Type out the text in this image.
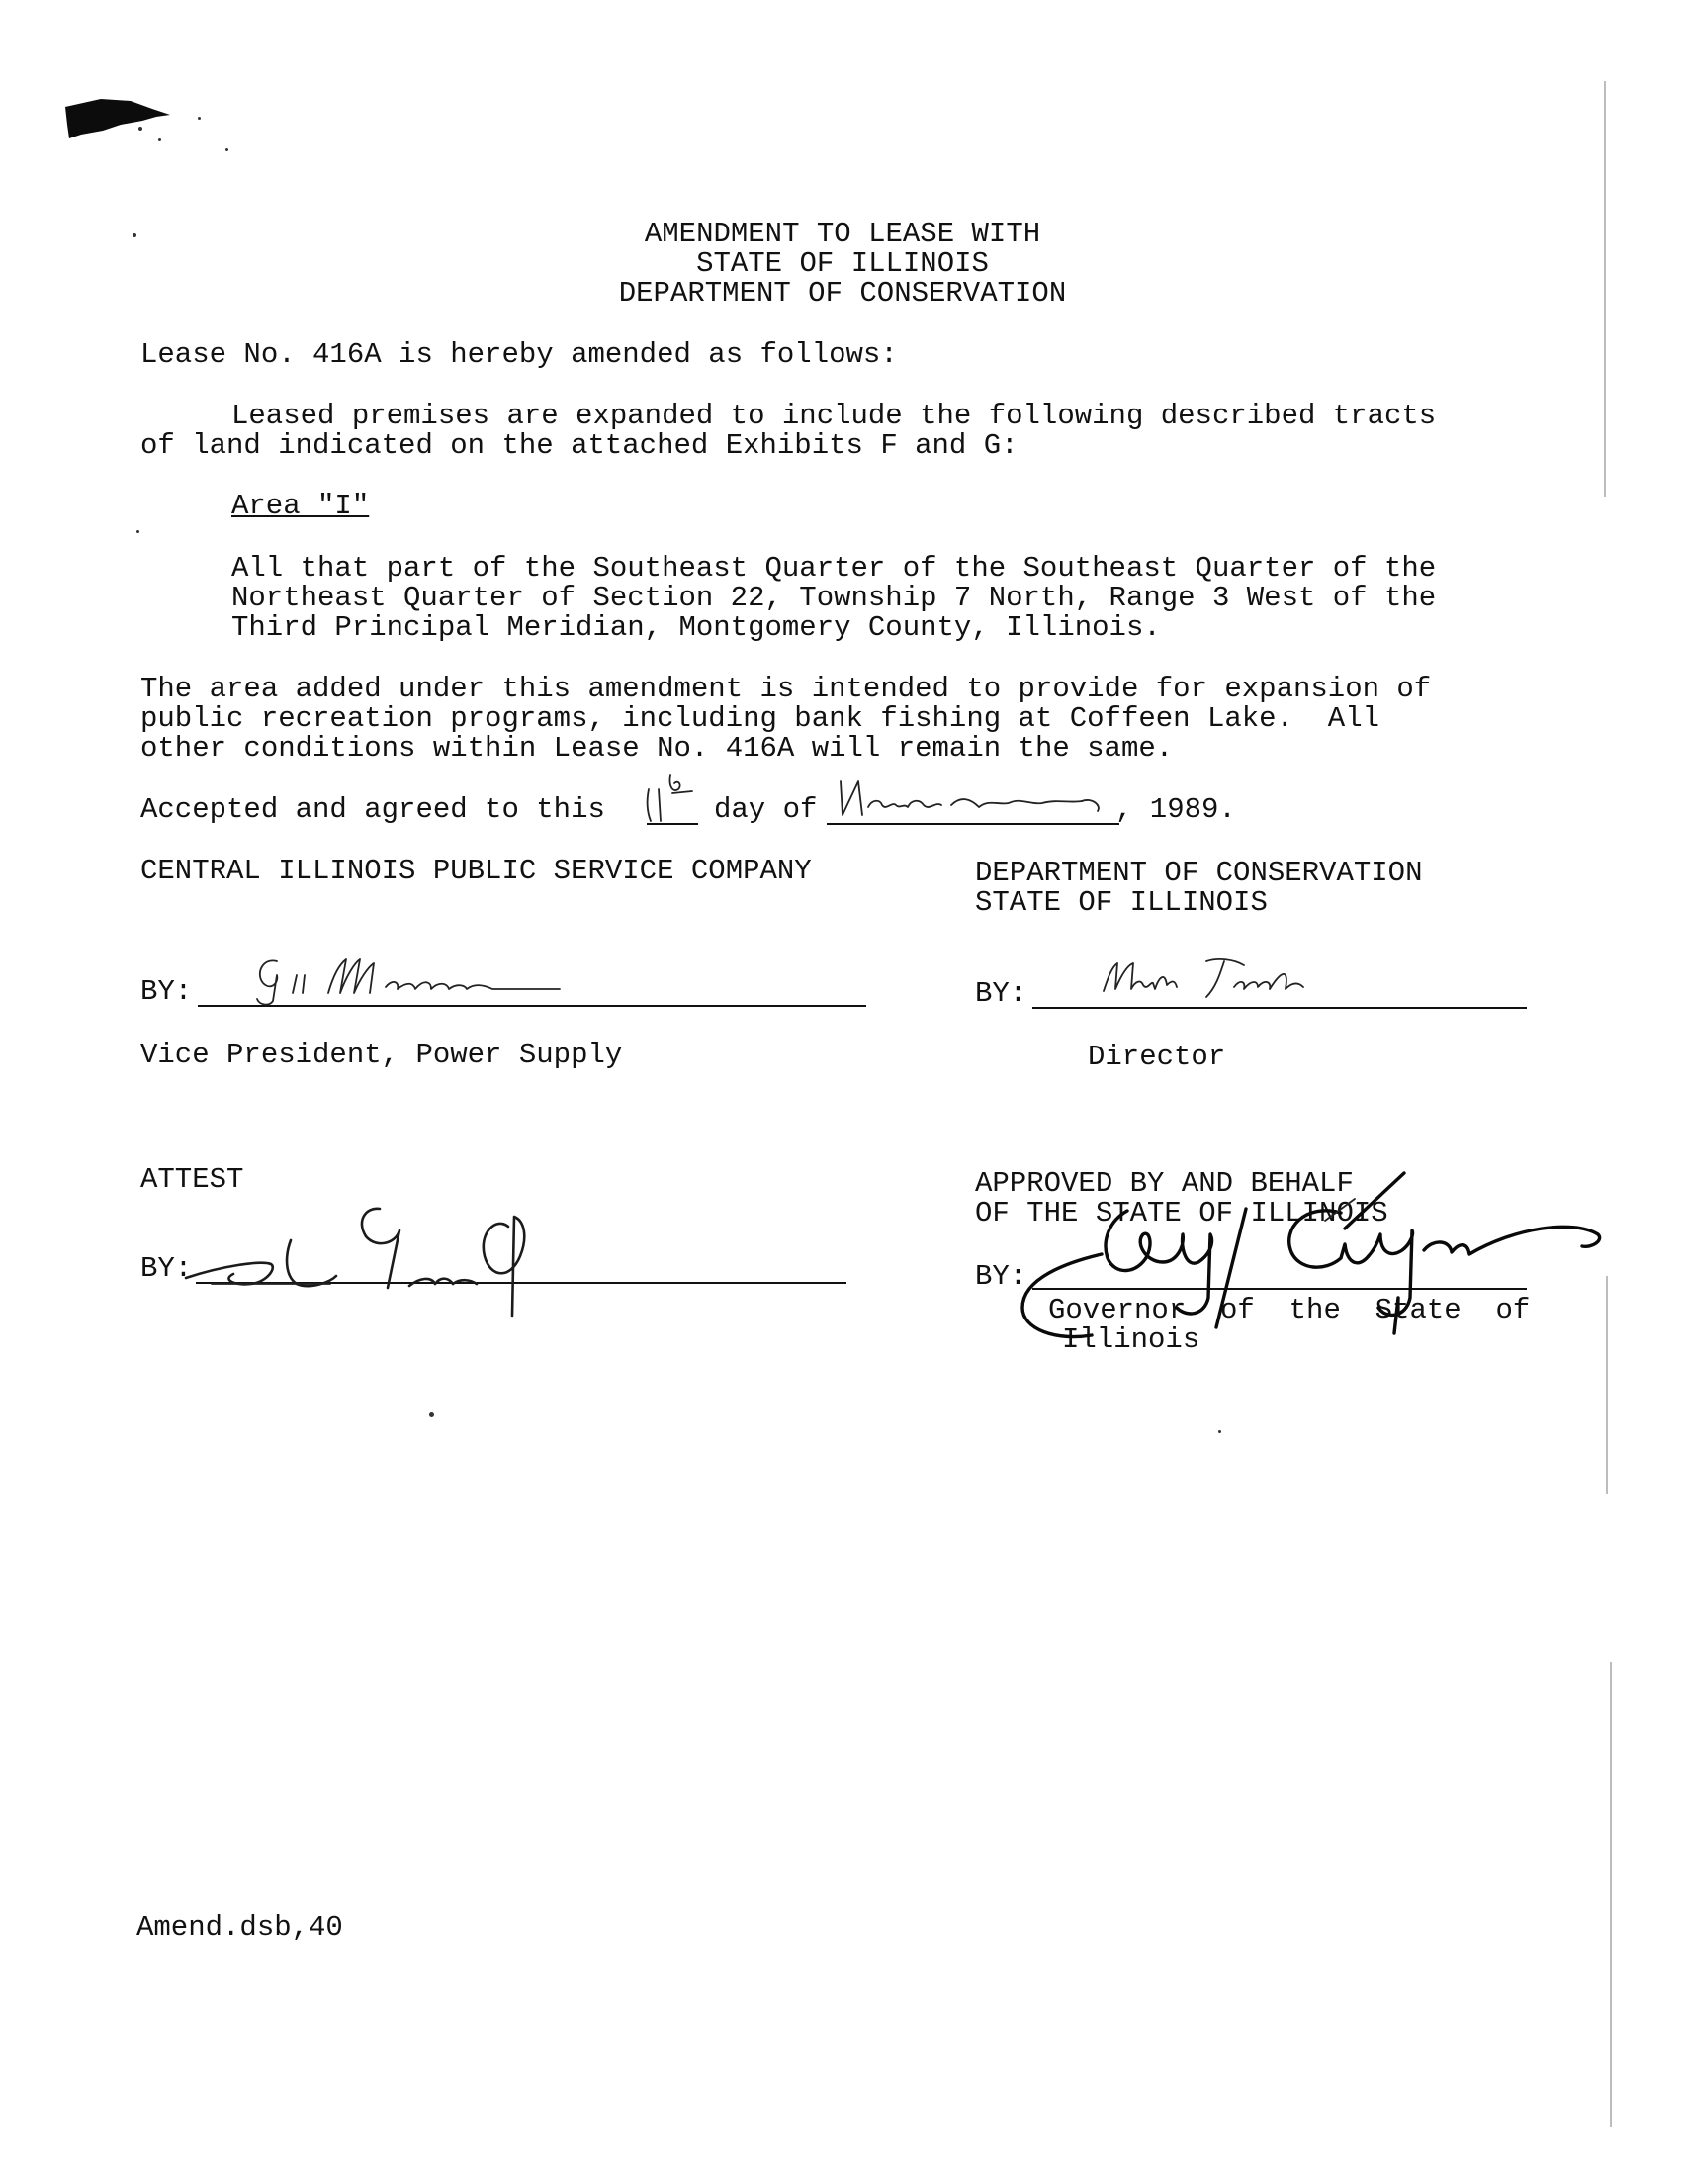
AMENDMENT TO LEASE WITH
STATE OF ILLINOIS
DEPARTMENT OF CONSERVATION
Lease No. 416A is hereby amended as follows:
Leased premises are expanded to include the following described tracts
of land indicated on the attached Exhibits F and G:
Area "I"
All that part of the Southeast Quarter of the Southeast Quarter of the
Northeast Quarter of Section 22, Township 7 North, Range 3 West of the
Third Principal Meridian, Montgomery County, Illinois.
The area added under this amendment is intended to provide for expansion of
public recreation programs, including bank fishing at Coffeen Lake.  All
other conditions within Lease No. 416A will remain the same.
Accepted and agreed to this	day of	, 1989.
CENTRAL ILLINOIS PUBLIC SERVICE COMPANY	DEPARTMENT OF CONSERVATION
STATE OF ILLINOIS
BY:
Vice President, Power Supply
BY:
Director
ATTEST
BY:
APPROVED BY AND BEHALF
OF THE STATE OF ILLINOIS
BY:
Governor  of  the  State  of
Illinois
Amend.dsb,40
